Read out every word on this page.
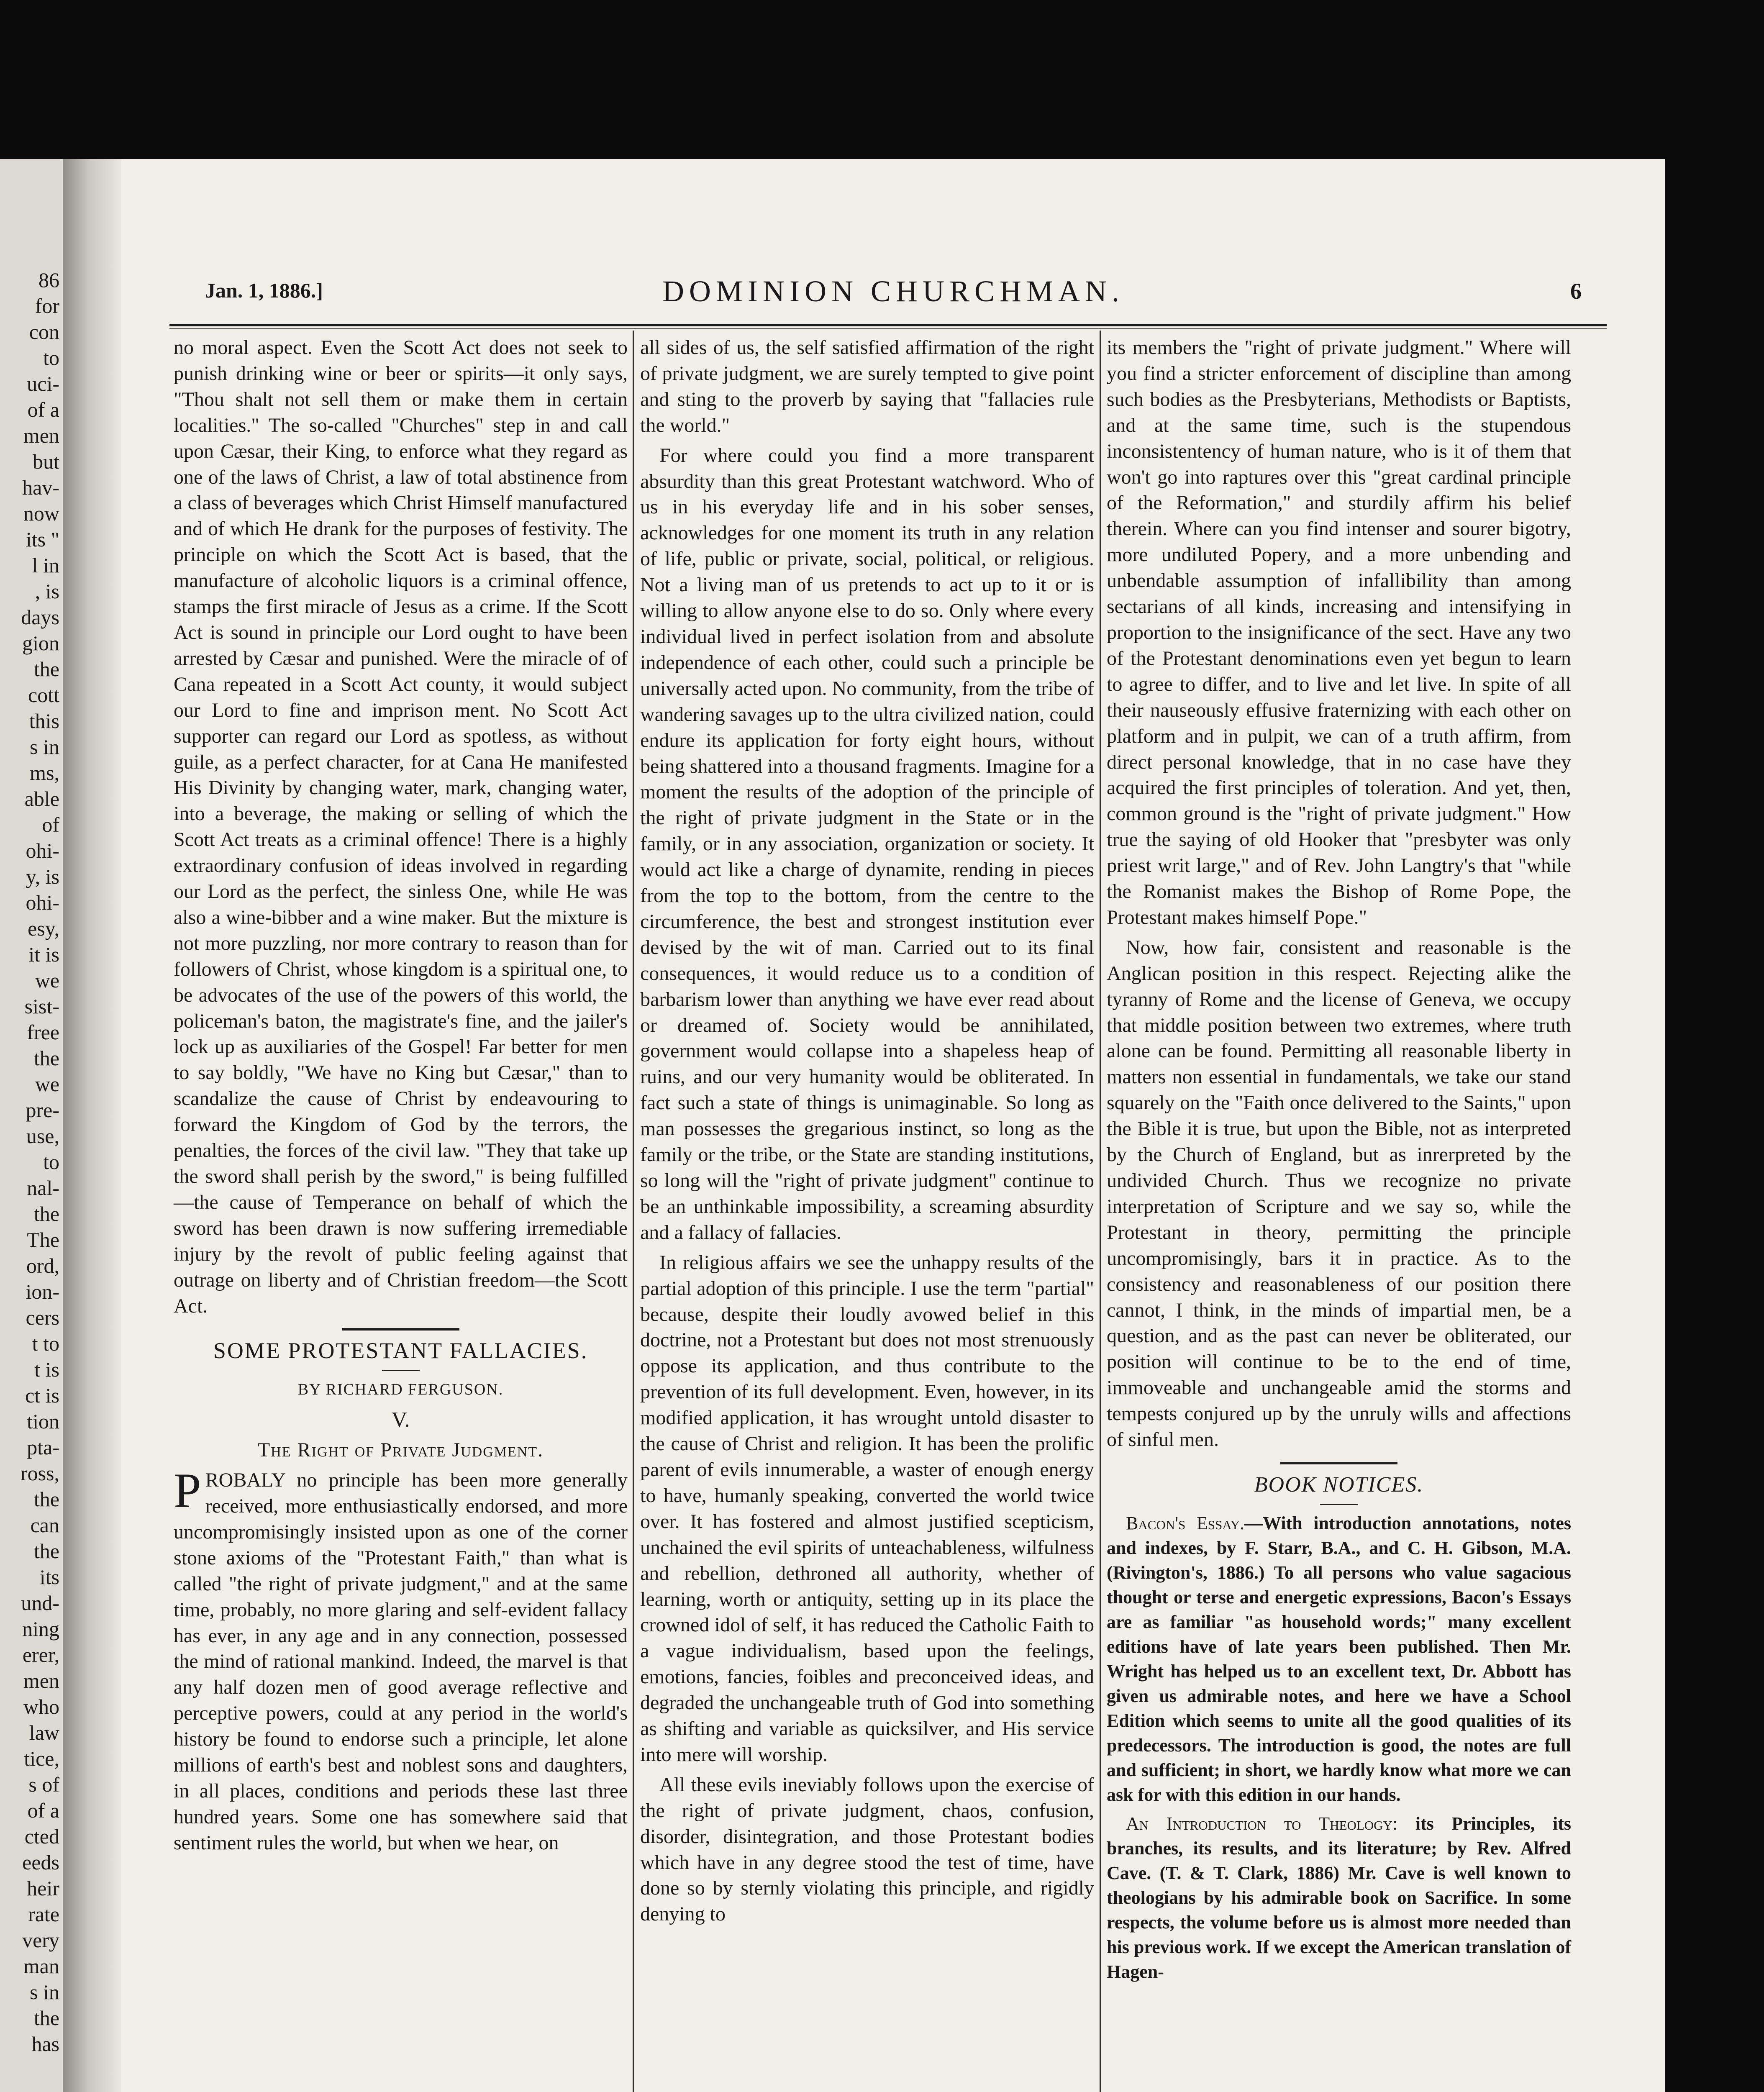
86
for
con
to
uci-
of a
men
but
hav-
now
its "
l in
, is
days
gion
the
cott
this
s in
ms,
able
of
ohi-
y, is
ohi-
esy,
it is
we
sist-
free
the
we
pre-
use,
to
nal-
the
The
ord,
ion-
cers
t to
t is
ct is
tion
pta-
ross,
the
can
the
its
und-
ning
erer,
men
who
law
tice,
s of
of a
cted
eeds
heir
rate
very
man
s in
the
has
Jan. 1, 1886.]	DOMINION CHURCHMAN.	6

no moral aspect. Even the Scott Act does not seek to punish drinking wine or beer or spirits—it only says, "Thou shalt not sell them or make them in certain localities." The so-called "Churches" step in and call upon Cæsar, their King, to enforce what they regard as one of the laws of Christ, a law of total abstinence from a class of beverages which Christ Himself manufactured and of which He drank for the purposes of festivity. The principle on which the Scott Act is based, that the manufacture of alcoholic liquors is a criminal offence, stamps the first miracle of Jesus as a crime. If the Scott Act is sound in principle our Lord ought to have been arrested by Cæsar and punished. Were the miracle of of Cana repeated in a Scott Act county, it would subject our Lord to fine and imprison ment. No Scott Act supporter can regard our Lord as spotless, as without guile, as a perfect character, for at Cana He manifested His Divinity by changing water, mark, changing water, into a beverage, the making or selling of which the Scott Act treats as a criminal offence! There is a highly extraordinary confusion of ideas involved in regarding our Lord as the perfect, the sinless One, while He was also a wine-bibber and a wine maker. But the mixture is not more puzzling, nor more contrary to reason than for followers of Christ, whose kingdom is a spiritual one, to be advocates of the use of the powers of this world, the policeman's baton, the magistrate's fine, and the jailer's lock up as auxiliaries of the Gospel! Far better for men to say boldly, "We have no King but Cæsar," than to scandalize the cause of Christ by endeavouring to forward the Kingdom of God by the terrors, the penalties, the forces of the civil law. "They that take up the sword shall perish by the sword," is being fulfilled—the cause of Temperance on behalf of which the sword has been drawn is now suffering irremediable injury by the revolt of public feeling against that outrage on liberty and of Christian freedom—the Scott Act.

SOME PROTESTANT FALLACIES.

BY RICHARD FERGUSON.

V.

The Right of Private Judgment.

PROBALY no principle has been more generally received, more enthusiastically endorsed, and more uncompromisingly insisted upon as one of the corner stone axioms of the "Protestant Faith," than what is called "the right of private judgment," and at the same time, probably, no more glaring and self-evident fallacy has ever, in any age and in any connection, possessed the mind of rational mankind. Indeed, the marvel is that any half dozen men of good average reflective and perceptive powers, could at any period in the world's history be found to endorse such a principle, let alone millions of earth's best and noblest sons and daughters, in all places, conditions and periods these last three hundred years. Some one has somewhere said that sentiment rules the world, but when we hear, on

all sides of us, the self satisfied affirmation of the right of private judgment, we are surely tempted to give point and sting to the proverb by saying that "fallacies rule the world."

For where could you find a more transparent absurdity than this great Protestant watchword. Who of us in his everyday life and in his sober senses, acknowledges for one moment its truth in any relation of life, public or private, social, political, or religious. Not a living man of us pretends to act up to it or is willing to allow anyone else to do so. Only where every individual lived in perfect isolation from and absolute independence of each other, could such a principle be universally acted upon. No community, from the tribe of wandering savages up to the ultra civilized nation, could endure its application for forty eight hours, without being shattered into a thousand fragments. Imagine for a moment the results of the adoption of the principle of the right of private judgment in the State or in the family, or in any association, organization or society. It would act like a charge of dynamite, rending in pieces from the top to the bottom, from the centre to the circumference, the best and strongest institution ever devised by the wit of man. Carried out to its final consequences, it would reduce us to a condition of barbarism lower than anything we have ever read about or dreamed of. Society would be annihilated, government would collapse into a shapeless heap of ruins, and our very humanity would be obliterated. In fact such a state of things is unimaginable. So long as man possesses the gregarious instinct, so long as the family or the tribe, or the State are standing institutions, so long will the "right of private judgment" continue to be an unthinkable impossibility, a screaming absurdity and a fallacy of fallacies.

In religious affairs we see the unhappy results of the partial adoption of this principle. I use the term "partial" because, despite their loudly avowed belief in this doctrine, not a Protestant but does not most strenuously oppose its application, and thus contribute to the prevention of its full development. Even, however, in its modified application, it has wrought untold disaster to the cause of Christ and religion. It has been the prolific parent of evils innumerable, a waster of enough energy to have, humanly speaking, converted the world twice over. It has fostered and almost justified scepticism, unchained the evil spirits of unteachableness, wilfulness and rebellion, dethroned all authority, whether of learning, worth or antiquity, setting up in its place the crowned idol of self, it has reduced the Catholic Faith to a vague individualism, based upon the feelings, emotions, fancies, foibles and preconceived ideas, and degraded the unchangeable truth of God into something as shifting and variable as quicksilver, and His service into mere will worship.

All these evils ineviably follows upon the exercise of the right of private judgment, chaos, confusion, disorder, disintegration, and those Protestant bodies which have in any degree stood the test of time, have done so by sternly violating this principle, and rigidly denying to

its members the "right of private judgment." Where will you find a stricter enforcement of discipline than among such bodies as the Presbyterians, Methodists or Baptists, and at the same time, such is the stupendous inconsistentency of human nature, who is it of them that won't go into raptures over this "great cardinal principle of the Reformation," and sturdily affirm his belief therein. Where can you find intenser and sourer bigotry, more undiluted Popery, and a more unbending and unbendable assumption of infallibility than among sectarians of all kinds, increasing and intensifying in proportion to the insignificance of the sect. Have any two of the Protestant denominations even yet begun to learn to agree to differ, and to live and let live. In spite of all their nauseously effusive fraternizing with each other on platform and in pulpit, we can of a truth affirm, from direct personal knowledge, that in no case have they acquired the first principles of toleration. And yet, then, common ground is the "right of private judgment." How true the saying of old Hooker that "presbyter was only priest writ large," and of Rev. John Langtry's that "while the Romanist makes the Bishop of Rome Pope, the Protestant makes himself Pope."

Now, how fair, consistent and reasonable is the Anglican position in this respect. Rejecting alike the tyranny of Rome and the license of Geneva, we occupy that middle position between two extremes, where truth alone can be found. Permitting all reasonable liberty in matters non essential in fundamentals, we take our stand squarely on the "Faith once delivered to the Saints," upon the Bible it is true, but upon the Bible, not as interpreted by the Church of England, but as inrerpreted by the undivided Church. Thus we recognize no private interpretation of Scripture and we say so, while the Protestant in theory, permitting the principle uncompromisingly, bars it in practice. As to the consistency and reasonableness of our position there cannot, I think, in the minds of impartial men, be a question, and as the past can never be obliterated, our position will continue to be to the end of time, immoveable and unchangeable amid the storms and tempests conjured up by the unruly wills and affections of sinful men.

BOOK NOTICES.

Bacon's Essay.—With introduction annotations, notes and indexes, by F. Starr, B.A., and C. H. Gibson, M.A. (Rivington's, 1886.) To all persons who value sagacious thought or terse and energetic expressions, Bacon's Essays are as familiar "as household words;" many excellent editions have of late years been published. Then Mr. Wright has helped us to an excellent text, Dr. Abbott has given us admirable notes, and here we have a School Edition which seems to unite all the good qualities of its predecessors. The introduction is good, the notes are full and sufficient; in short, we hardly know what more we can ask for with this edition in our hands.

An Introduction to Theology: its Principles, its branches, its results, and its literature; by Rev. Alfred Cave. (T. & T. Clark, 1886) Mr. Cave is well known to theologians by his admirable book on Sacrifice. In some respects, the volume before us is almost more needed than his previous work. If we except the American translation of Hagen-
